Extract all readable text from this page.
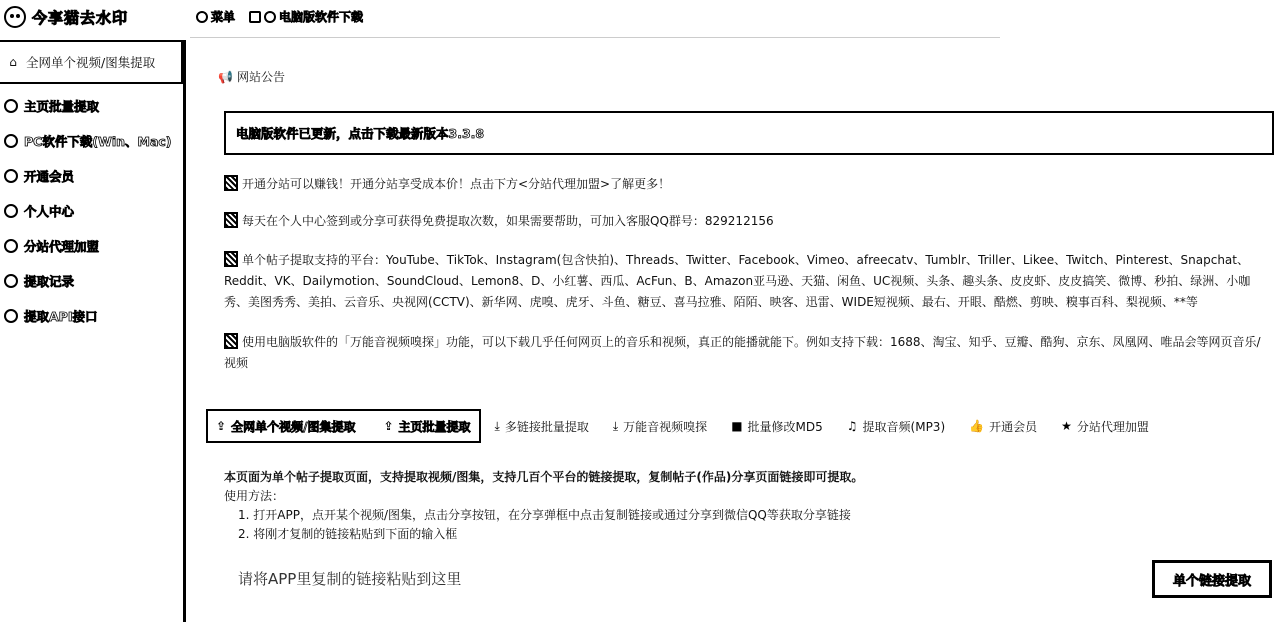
今享猫去水印	菜单	电脑版软件下载
⌂ 全网单个视频/图集提取
主页批量提取
PC软件下载(Win、Mac)
开通会员
个人中心
分站代理加盟
提取记录
提取API接口
📢 网站公告
电脑版软件已更新，点击下载最新版本3.3.8
开通分站可以赚钱！开通分站享受成本价！点击下方<分站代理加盟>了解更多！
每天在个人中心签到或分享可获得免费提取次数，如果需要帮助，可加入客服QQ群号：829212156
单个帖子提取支持的平台：YouTube、TikTok、Instagram(包含快拍)、Threads、Twitter、Facebook、Vimeo、afreecatv、Tumblr、Triller、Likee、Twitch、Pinterest、Snapchat、Reddit、VK、Dailymotion、SoundCloud、Lemon8、D、小红薯、西瓜、AcFun、B、Amazon亚马逊、天猫、闲鱼、UC视频、头条、趣头条、皮皮虾、皮皮搞笑、微博、秒拍、绿洲、小咖秀、美图秀秀、美拍、云音乐、央视网(CCTV)、新华网、虎嗅、虎牙、斗鱼、糖豆、喜马拉雅、陌陌、映客、迅雷、WIDE短视频、最右、开眼、酷燃、剪映、糗事百科、梨视频、**等
使用电脑版软件的「万能音视频嗅探」功能，可以下载几乎任何网页上的音乐和视频，真正的能播就能下。例如支持下载：1688、淘宝、知乎、豆瓣、酷狗、京东、凤凰网、唯品会等网页音乐/视频
⇪ 全网单个视频/图集提取 ⇪ 主页批量提取 ⤓ 多链接批量提取 ⤓ 万能音视频嗅探 ■ 批量修改MD5 ♫ 提取音频(MP3) 👍 开通会员 ★ 分站代理加盟
本页面为单个帖子提取页面，支持提取视频/图集，支持几百个平台的链接提取，复制帖子(作品)分享页面链接即可提取。
使用方法：
1. 打开APP，点开某个视频/图集，点击分享按钮，在分享弹框中点击复制链接或通过分享到微信QQ等获取分享链接
2. 将刚才复制的链接粘贴到下面的输入框
请将APP里复制的链接粘贴到这里
单个链接提取
